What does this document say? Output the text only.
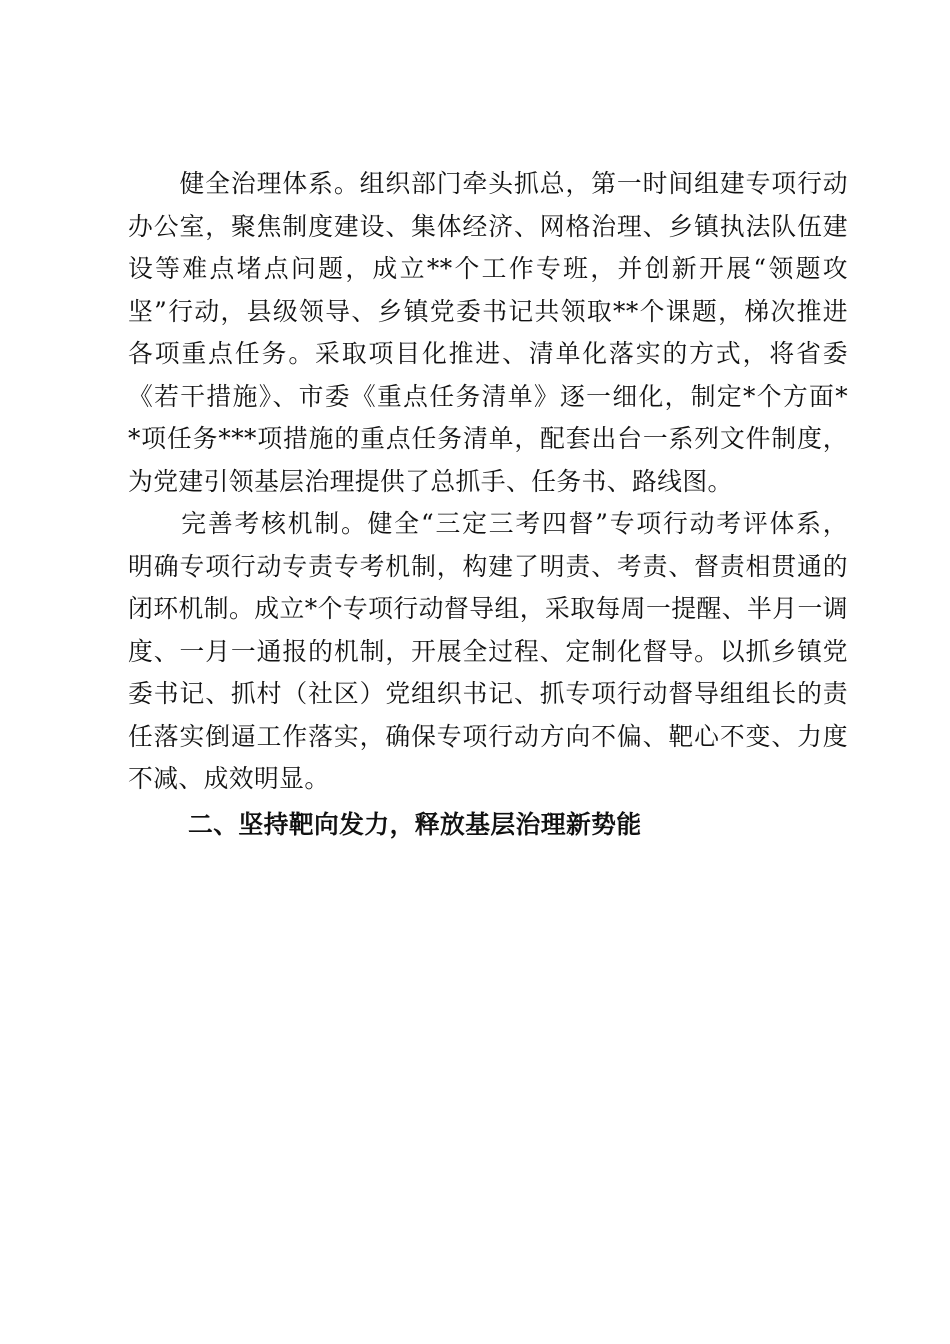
　　健全治理体系。组织部门牵头抓总，第一时间组建专项行动
办公室，聚焦制度建设、集体经济、网格治理、乡镇执法队伍建
设等难点堵点问题，成立**个工作专班，并创新开展“领题攻
坚”行动，县级领导、乡镇党委书记共领取**个课题，梯次推进
各项重点任务。采取项目化推进、清单化落实的方式，将省委
《若干措施》、市委《重点任务清单》逐一细化，制定*个方面*
*项任务***项措施的重点任务清单，配套出台一系列文件制度，
为党建引领基层治理提供了总抓手、任务书、路线图。
　　完善考核机制。健全“三定三考四督”专项行动考评体系，
明确专项行动专责专考机制，构建了明责、考责、督责相贯通的
闭环机制。成立*个专项行动督导组，采取每周一提醒、半月一调
度、一月一通报的机制，开展全过程、定制化督导。以抓乡镇党
委书记、抓村（社区）党组织书记、抓专项行动督导组组长的责
任落实倒逼工作落实，确保专项行动方向不偏、靶心不变、力度
不减、成效明显。
二、坚持靶向发力，释放基层治理新势能
